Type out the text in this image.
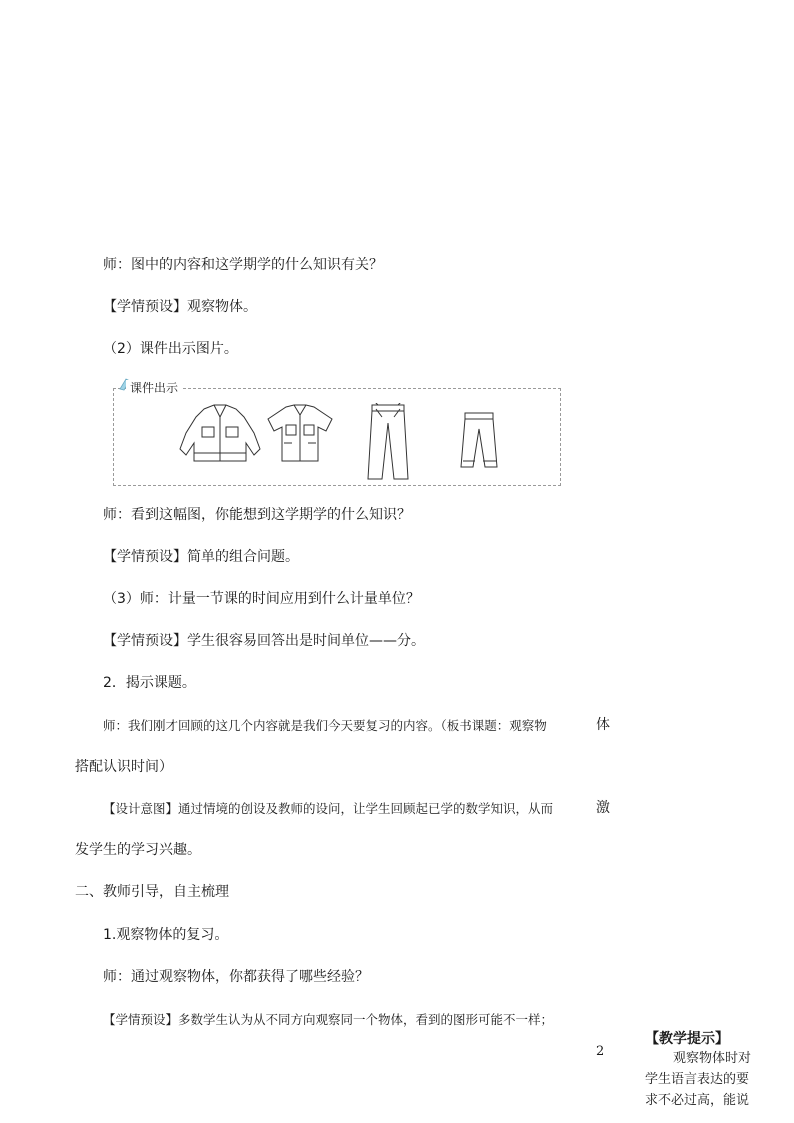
师：图中的内容和这学期学的什么知识有关？
【学情预设】观察物体。
（2）课件出示图片。
课件出示
师：看到这幅图，你能想到这学期学的什么知识？
【学情预设】简单的组合问题。
（3）师：计量一节课的时间应用到什么计量单位？
【学情预设】学生很容易回答出是时间单位——分。
2．揭示课题。
师：我们刚才回顾的这几个内容就是我们今天要复习的内容。（板书课题：观察物	体
搭配认识时间）
【设计意图】通过情境的创设及教师的设问，让学生回顾起已学的数学知识，从而	激
发学生的学习兴趣。
二、教师引导，自主梳理
1.观察物体的复习。
师：通过观察物体，你都获得了哪些经验？
【学情预设】多数学生认为从不同方向观察同一个物体，看到的图形可能不一样；
2
【教学提示】
观察物体时对
学生语言表达的要
求不必过高，能说
